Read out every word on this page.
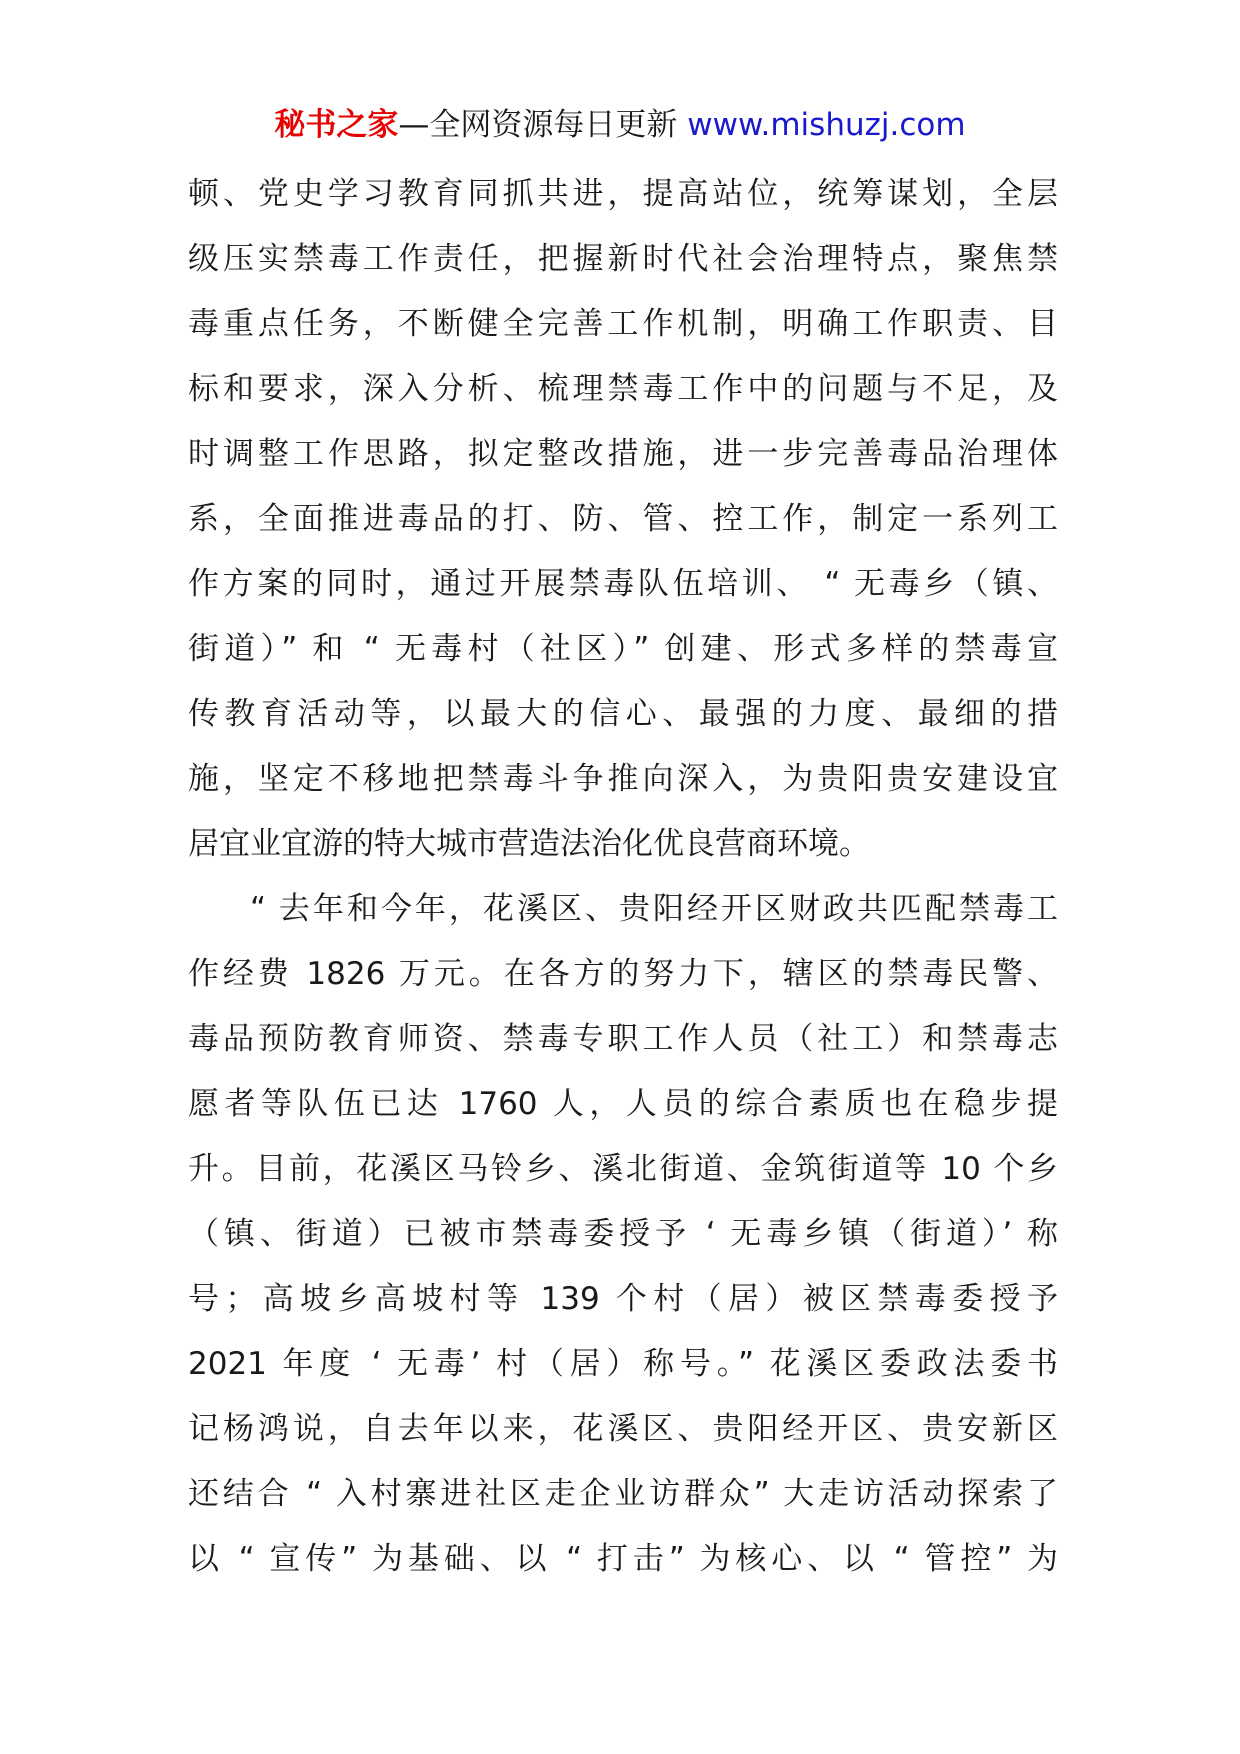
秘书之家—全网资源每日更新 www.mishuzj.com
顿、党史学习教育同抓共进，提高站位，统筹谋划，全层
级压实禁毒工作责任，把握新时代社会治理特点，聚焦禁
毒重点任务，不断健全完善工作机制，明确工作职责、目
标和要求，深入分析、梳理禁毒工作中的问题与不足，及
时调整工作思路，拟定整改措施，进一步完善毒品治理体
系，全面推进毒品的打、防、管、控工作，制定一系列工
作方案的同时，通过开展禁毒队伍培训、 “ 无毒乡（镇、
街道）” 和 “ 无毒村（社区）” 创建、形式多样的禁毒宣
传教育活动等，以最大的信心、最强的力度、最细的措
施，坚定不移地把禁毒斗争推向深入，为贵阳贵安建设宜
居宜业宜游的特大城市营造法治化优良营商环境。
“ 去年和今年，花溪区、贵阳经开区财政共匹配禁毒工
作经费 1826 万元。在各方的努力下，辖区的禁毒民警、
毒品预防教育师资、禁毒专职工作人员（社工）和禁毒志
愿者等队伍已达 1760 人，人员的综合素质也在稳步提
升。目前，花溪区马铃乡、溪北街道、金筑街道等 10 个乡
（镇、街道）已被市禁毒委授予 ‘ 无毒乡镇（街道）’ 称
号；高坡乡高坡村等 139 个村（居）被区禁毒委授予
2021 年度 ‘ 无毒’ 村（居）称号。” 花溪区委政法委书
记杨鸿说，自去年以来，花溪区、贵阳经开区、贵安新区
还结合 “ 入村寨进社区走企业访群众” 大走访活动探索了
以 “ 宣传” 为基础、以 “ 打击” 为核心、以 “ 管控” 为
